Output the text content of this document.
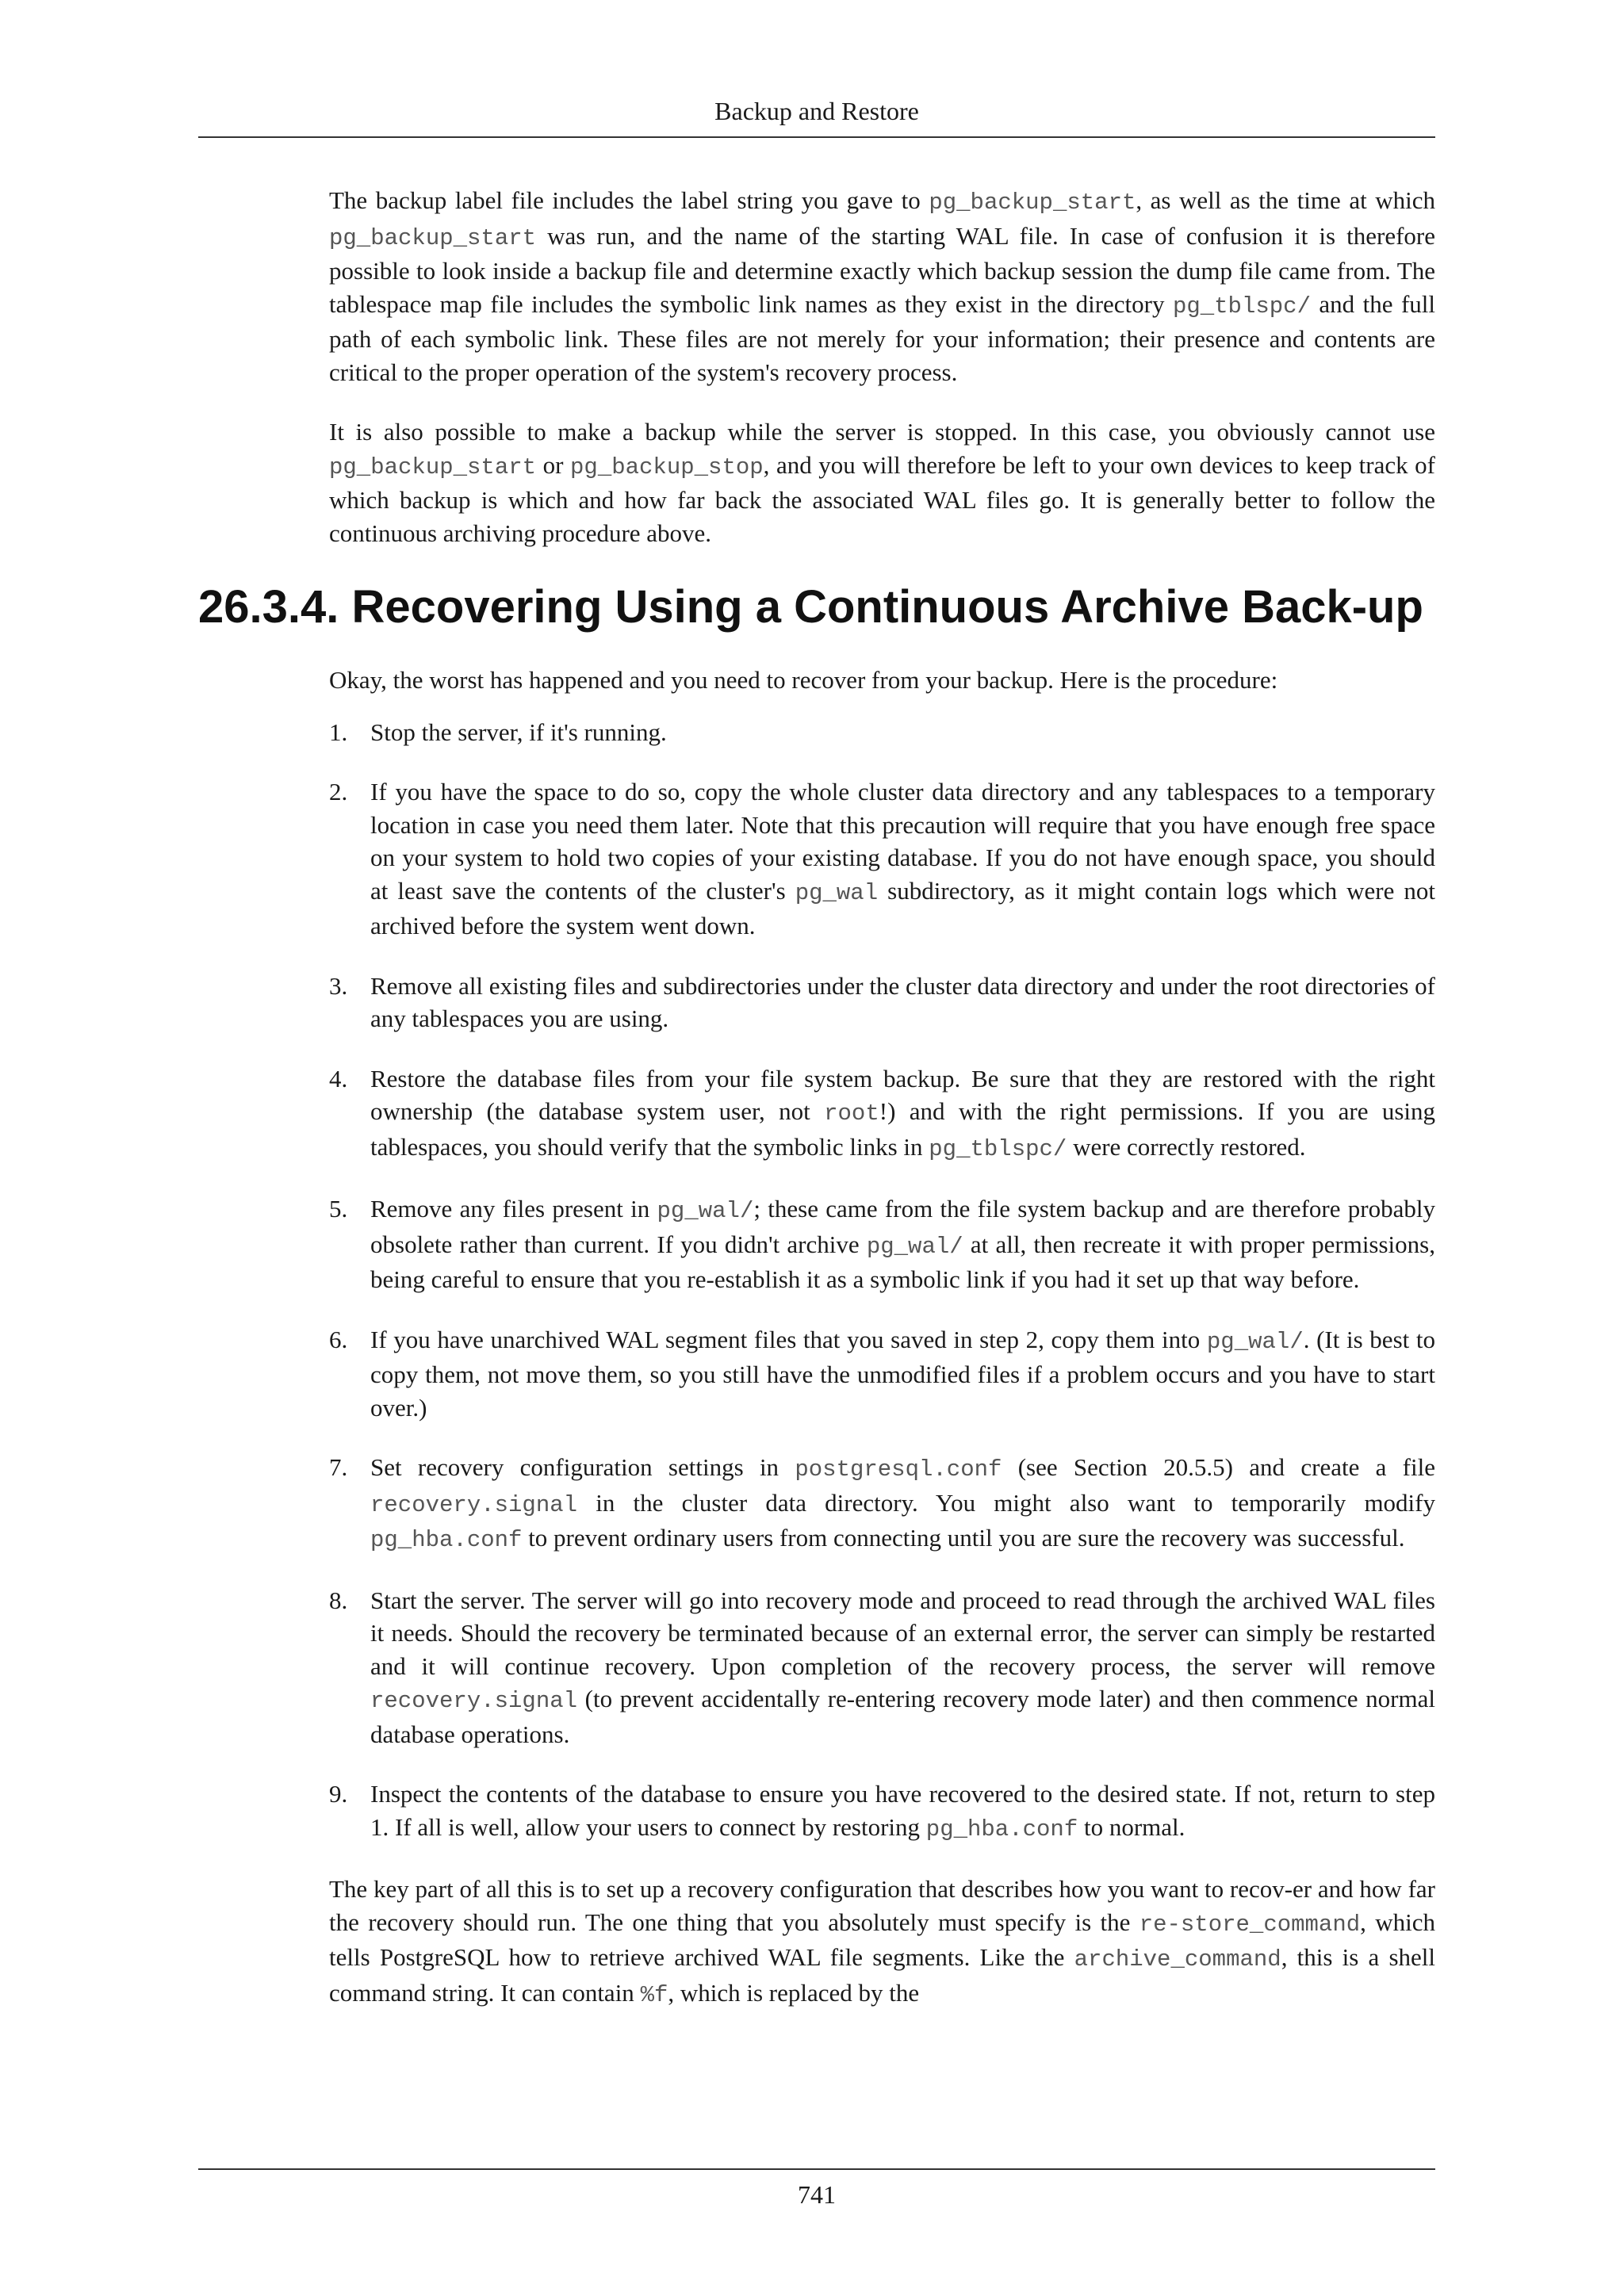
Backup and Restore

The backup label file includes the label string you gave to pg_backup_start, as well as the time at which pg_backup_start was run, and the name of the starting WAL file. In case of confusion it is therefore possible to look inside a backup file and determine exactly which backup session the dump file came from. The tablespace map file includes the symbolic link names as they exist in the directory pg_tblspc/ and the full path of each symbolic link. These files are not merely for your information; their presence and contents are critical to the proper operation of the system's recovery process.

It is also possible to make a backup while the server is stopped. In this case, you obviously cannot use pg_backup_start or pg_backup_stop, and you will therefore be left to your own devices to keep track of which backup is which and how far back the associated WAL files go. It is generally better to follow the continuous archiving procedure above.

26.3.4. Recovering Using a Continuous Archive Back-up

Okay, the worst has happened and you need to recover from your backup. Here is the procedure:

1. Stop the server, if it's running.

2. If you have the space to do so, copy the whole cluster data directory and any tablespaces to a temporary location in case you need them later. Note that this precaution will require that you have enough free space on your system to hold two copies of your existing database. If you do not have enough space, you should at least save the contents of the cluster's pg_wal subdirectory, as it might contain logs which were not archived before the system went down.

3. Remove all existing files and subdirectories under the cluster data directory and under the root directories of any tablespaces you are using.

4. Restore the database files from your file system backup. Be sure that they are restored with the right ownership (the database system user, not root!) and with the right permissions. If you are using tablespaces, you should verify that the symbolic links in pg_tblspc/ were correctly restored.

5. Remove any files present in pg_wal/; these came from the file system backup and are therefore probably obsolete rather than current. If you didn't archive pg_wal/ at all, then recreate it with proper permissions, being careful to ensure that you re-establish it as a symbolic link if you had it set up that way before.

6. If you have unarchived WAL segment files that you saved in step 2, copy them into pg_wal/. (It is best to copy them, not move them, so you still have the unmodified files if a problem occurs and you have to start over.)

7. Set recovery configuration settings in postgresql.conf (see Section 20.5.5) and create a file recovery.signal in the cluster data directory. You might also want to temporarily modify pg_hba.conf to prevent ordinary users from connecting until you are sure the recovery was successful.

8. Start the server. The server will go into recovery mode and proceed to read through the archived WAL files it needs. Should the recovery be terminated because of an external error, the server can simply be restarted and it will continue recovery. Upon completion of the recovery process, the server will remove recovery.signal (to prevent accidentally re-entering recovery mode later) and then commence normal database operations.

9. Inspect the contents of the database to ensure you have recovered to the desired state. If not, return to step 1. If all is well, allow your users to connect by restoring pg_hba.conf to normal.

The key part of all this is to set up a recovery configuration that describes how you want to recov-er and how far the recovery should run. The one thing that you absolutely must specify is the re-store_command, which tells PostgreSQL how to retrieve archived WAL file segments. Like the archive_command, this is a shell command string. It can contain %f, which is replaced by the

741
